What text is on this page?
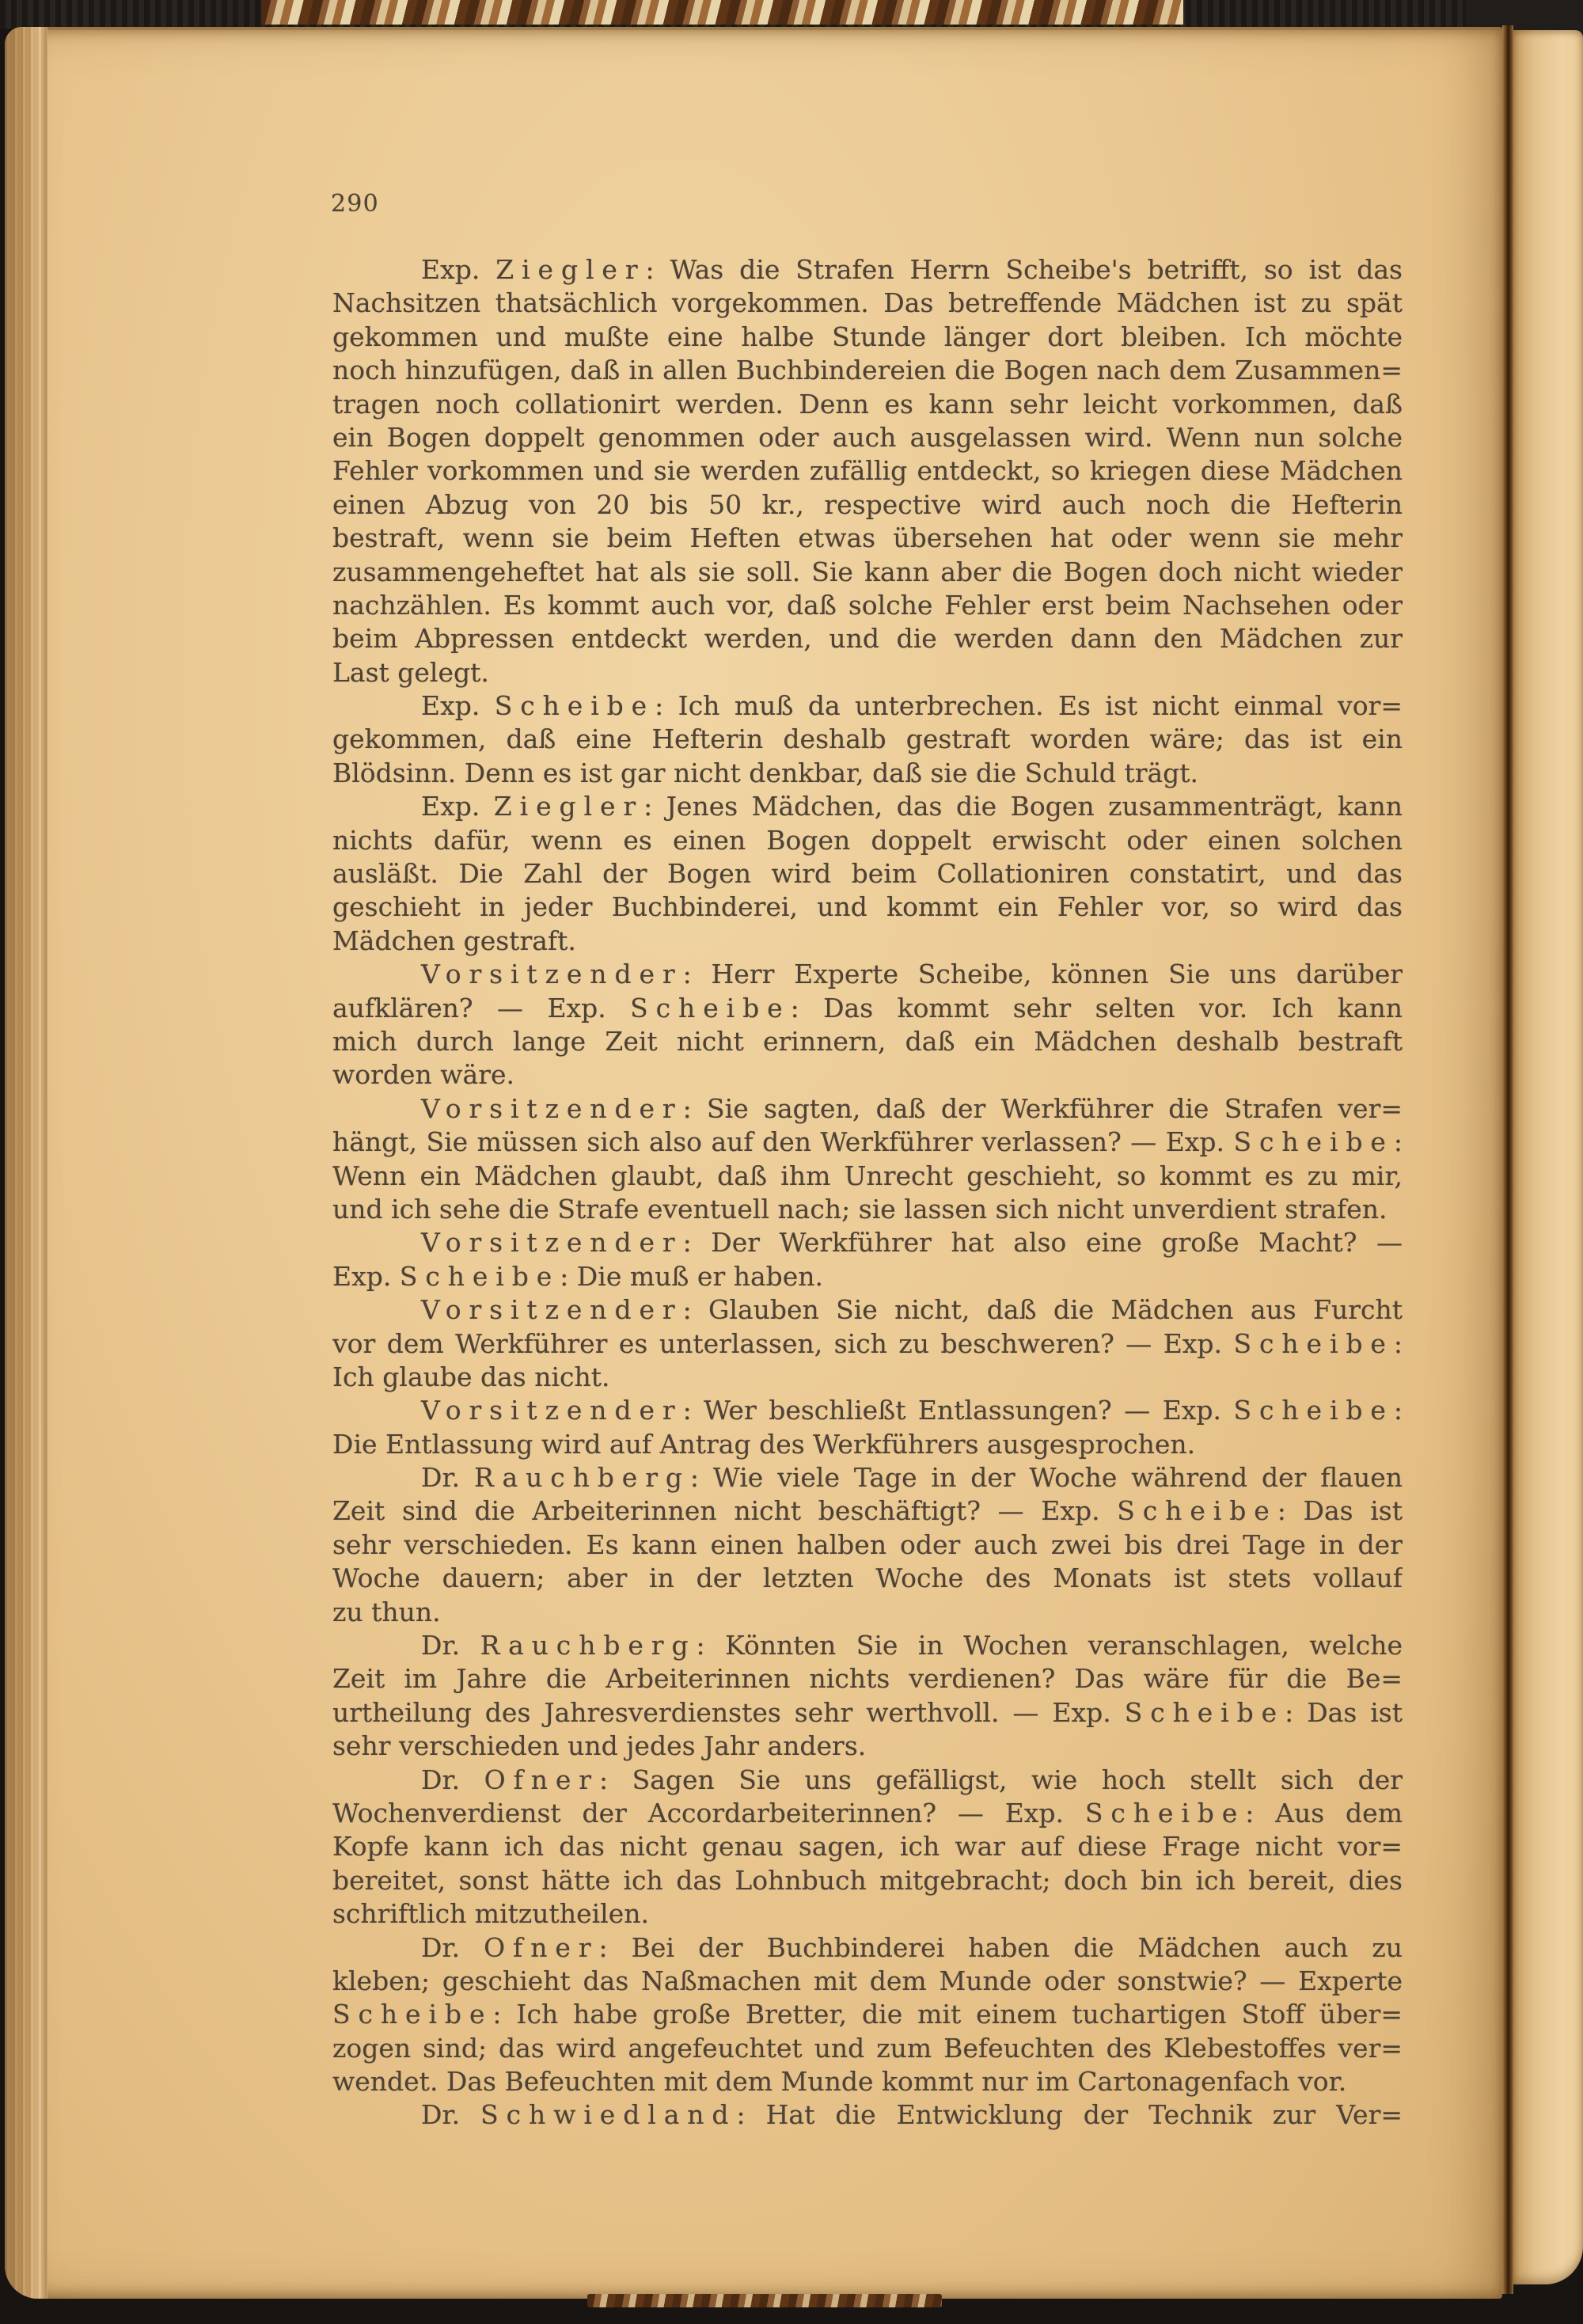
290
Exp. Ziegler: Was die Strafen Herrn Scheibe's betrifft, so ist das
Nachsitzen thatsächlich vorgekommen. Das betreffende Mädchen ist zu spät
gekommen und mußte eine halbe Stunde länger dort bleiben. Ich möchte
noch hinzufügen, daß in allen Buchbindereien die Bogen nach dem Zusammen=
tragen noch collationirt werden. Denn es kann sehr leicht vorkommen, daß
ein Bogen doppelt genommen oder auch ausgelassen wird. Wenn nun solche
Fehler vorkommen und sie werden zufällig entdeckt, so kriegen diese Mädchen
einen Abzug von 20 bis 50 kr., respective wird auch noch die Hefterin
bestraft, wenn sie beim Heften etwas übersehen hat oder wenn sie mehr
zusammengeheftet hat als sie soll. Sie kann aber die Bogen doch nicht wieder
nachzählen. Es kommt auch vor, daß solche Fehler erst beim Nachsehen oder
beim Abpressen entdeckt werden, und die werden dann den Mädchen zur
Last gelegt.
Exp. Scheibe: Ich muß da unterbrechen. Es ist nicht einmal vor=
gekommen, daß eine Hefterin deshalb gestraft worden wäre; das ist ein
Blödsinn. Denn es ist gar nicht denkbar, daß sie die Schuld trägt.
Exp. Ziegler: Jenes Mädchen, das die Bogen zusammenträgt, kann
nichts dafür, wenn es einen Bogen doppelt erwischt oder einen solchen
ausläßt. Die Zahl der Bogen wird beim Collationiren constatirt, und das
geschieht in jeder Buchbinderei, und kommt ein Fehler vor, so wird das
Mädchen gestraft.
Vorsitzender: Herr Experte Scheibe, können Sie uns darüber
aufklären? — Exp. Scheibe: Das kommt sehr selten vor. Ich kann
mich durch lange Zeit nicht erinnern, daß ein Mädchen deshalb bestraft
worden wäre.
Vorsitzender: Sie sagten, daß der Werkführer die Strafen ver=
hängt, Sie müssen sich also auf den Werkführer verlassen? — Exp. Scheibe:
Wenn ein Mädchen glaubt, daß ihm Unrecht geschieht, so kommt es zu mir,
und ich sehe die Strafe eventuell nach; sie lassen sich nicht unverdient strafen.
Vorsitzender: Der Werkführer hat also eine große Macht? —
Exp. Scheibe: Die muß er haben.
Vorsitzender: Glauben Sie nicht, daß die Mädchen aus Furcht
vor dem Werkführer es unterlassen, sich zu beschweren? — Exp. Scheibe:
Ich glaube das nicht.
Vorsitzender: Wer beschließt Entlassungen? — Exp. Scheibe:
Die Entlassung wird auf Antrag des Werkführers ausgesprochen.
Dr. Rauchberg: Wie viele Tage in der Woche während der flauen
Zeit sind die Arbeiterinnen nicht beschäftigt? — Exp. Scheibe: Das ist
sehr verschieden. Es kann einen halben oder auch zwei bis drei Tage in der
Woche dauern; aber in der letzten Woche des Monats ist stets vollauf
zu thun.
Dr. Rauchberg: Könnten Sie in Wochen veranschlagen, welche
Zeit im Jahre die Arbeiterinnen nichts verdienen? Das wäre für die Be=
urtheilung des Jahresverdienstes sehr werthvoll. — Exp. Scheibe: Das ist
sehr verschieden und jedes Jahr anders.
Dr. Ofner: Sagen Sie uns gefälligst, wie hoch stellt sich der
Wochenverdienst der Accordarbeiterinnen? — Exp. Scheibe: Aus dem
Kopfe kann ich das nicht genau sagen, ich war auf diese Frage nicht vor=
bereitet, sonst hätte ich das Lohnbuch mitgebracht; doch bin ich bereit, dies
schriftlich mitzutheilen.
Dr. Ofner: Bei der Buchbinderei haben die Mädchen auch zu
kleben; geschieht das Naßmachen mit dem Munde oder sonstwie? — Experte
Scheibe: Ich habe große Bretter, die mit einem tuchartigen Stoff über=
zogen sind; das wird angefeuchtet und zum Befeuchten des Klebestoffes ver=
wendet. Das Befeuchten mit dem Munde kommt nur im Cartonagenfach vor.
Dr. Schwiedland: Hat die Entwicklung der Technik zur Ver=
